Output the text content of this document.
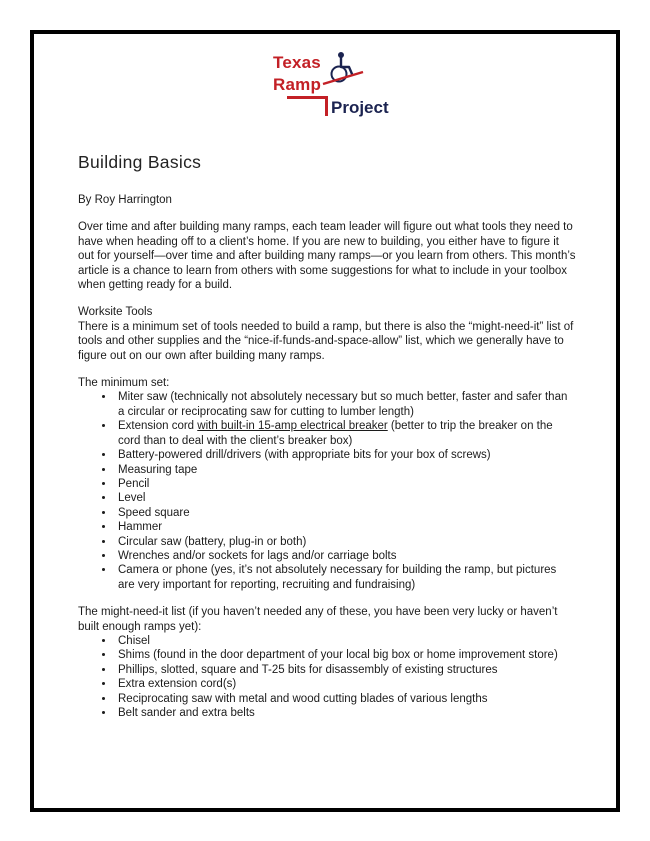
Texas
Ramp
Project

Building Basics

By Roy Harrington

Over time and after building many ramps, each team leader will figure out what tools they need to have when heading off to a client’s home. If you are new to building, you either have to figure it out for yourself—over time and after building many ramps—or you learn from others. This month’s article is a chance to learn from others with some suggestions for what to include in your toolbox when getting ready for a build.

Worksite Tools

There is a minimum set of tools needed to build a ramp, but there is also the “might-need-it” list of tools and other supplies and the “nice-if-funds-and-space-allow” list, which we generally have to figure out on our own after building many ramps.

The minimum set:

• Miter saw (technically not absolutely necessary but so much better, faster and safer than a circular or reciprocating saw for cutting to lumber length)
• Extension cord with built-in 15-amp electrical breaker (better to trip the breaker on the cord than to deal with the client’s breaker box)
• Battery-powered drill/drivers (with appropriate bits for your box of screws)
• Measuring tape
• Pencil
• Level
• Speed square
• Hammer
• Circular saw (battery, plug-in or both)
• Wrenches and/or sockets for lags and/or carriage bolts
• Camera or phone (yes, it’s not absolutely necessary for building the ramp, but pictures are very important for reporting, recruiting and fundraising)

The might-need-it list (if you haven’t needed any of these, you have been very lucky or haven’t built enough ramps yet):

• Chisel
• Shims (found in the door department of your local big box or home improvement store)
• Phillips, slotted, square and T-25 bits for disassembly of existing structures
• Extra extension cord(s)
• Reciprocating saw with metal and wood cutting blades of various lengths
• Belt sander and extra belts
